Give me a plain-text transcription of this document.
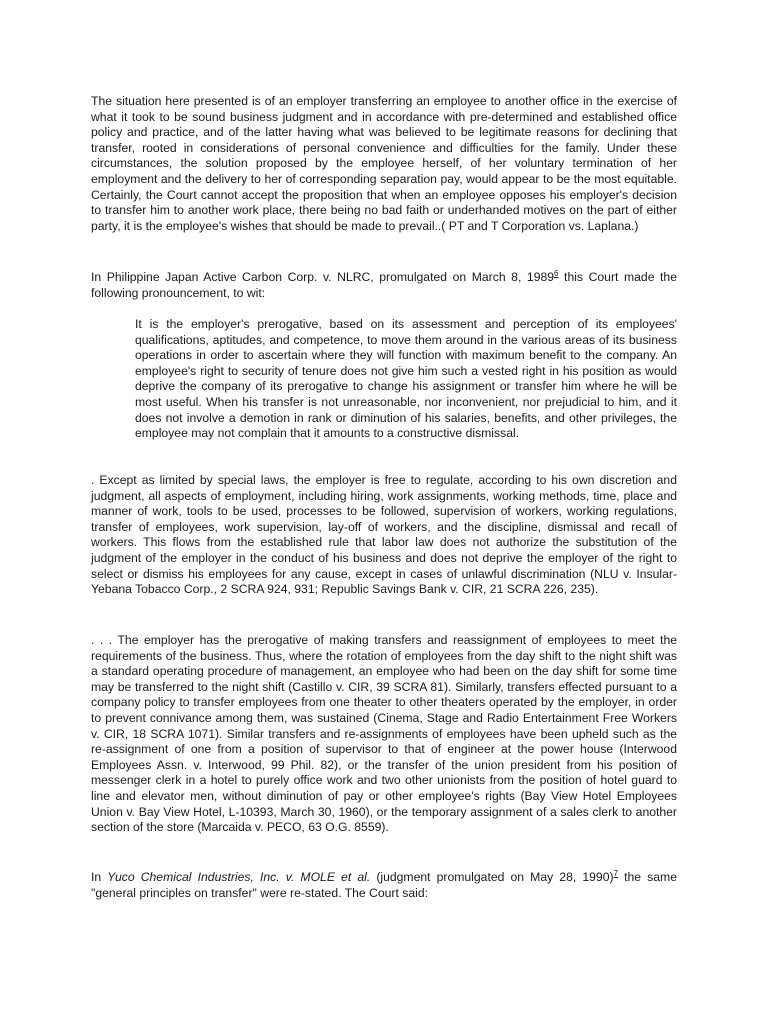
The situation here presented is of an employer transferring an employee to another office in the exercise of what it took to be sound business judgment and in accordance with pre-determined and established office policy and practice, and of the latter having what was believed to be legitimate reasons for declining that transfer, rooted in considerations of personal convenience and difficulties for the family. Under these circumstances, the solution proposed by the employee herself, of her voluntary termination of her employment and the delivery to her of corresponding separation pay, would appear to be the most equitable. Certainly, the Court cannot accept the proposition that when an employee opposes his employer's decision to transfer him to another work place, there being no bad faith or underhanded motives on the part of either party, it is the employee's wishes that should be made to prevail..( PT and T Corporation vs. Laplana.)

In Philippine Japan Active Carbon Corp. v. NLRC, promulgated on March 8, 1989$^6$ this Court made the following pronouncement, to wit:

It is the employer's prerogative, based on its assessment and perception of its employees' qualifications, aptitudes, and competence, to move them around in the various areas of its business operations in order to ascertain where they will function with maximum benefit to the company. An employee's right to security of tenure does not give him such a vested right in his position as would deprive the company of its prerogative to change his assignment or transfer him where he will be most useful. When his transfer is not unreasonable, nor inconvenient, nor prejudicial to him, and it does not involve a demotion in rank or diminution of his salaries, benefits, and other privileges, the employee may not complain that it amounts to a constructive dismissal.

. Except as limited by special laws, the employer is free to regulate, according to his own discretion and judgment, all aspects of employment, including hiring, work assignments, working methods, time, place and manner of work, tools to be used, processes to be followed, supervision of workers, working regulations, transfer of employees, work supervision, lay-off of workers, and the discipline, dismissal and recall of workers. This flows from the established rule that labor law does not authorize the substitution of the judgment of the employer in the conduct of his business and does not deprive the employer of the right to select or dismiss his employees for any cause, except in cases of unlawful discrimination (NLU v. Insular-Yebana Tobacco Corp., 2 SCRA 924, 931; Republic Savings Bank v. CIR, 21 SCRA 226, 235).

. . . The employer has the prerogative of making transfers and reassignment of employees to meet the requirements of the business. Thus, where the rotation of employees from the day shift to the night shift was a standard operating procedure of management, an employee who had been on the day shift for some time may be transferred to the night shift (Castillo v. CIR, 39 SCRA 81). Similarly, transfers effected pursuant to a company policy to transfer employees from one theater to other theaters operated by the employer, in order to prevent connivance among them, was sustained (Cinema, Stage and Radio Entertainment Free Workers v. CIR, 18 SCRA 1071). Similar transfers and re-assignments of employees have been upheld such as the re-assignment of one from a position of supervisor to that of engineer at the power house (Interwood Employees Assn. v. Interwood, 99 Phil. 82), or the transfer of the union president from his position of messenger clerk in a hotel to purely office work and two other unionists from the position of hotel guard to line and elevator men, without diminution of pay or other employee's rights (Bay View Hotel Employees Union v. Bay View Hotel, L-10393, March 30, 1960), or the temporary assignment of a sales clerk to another section of the store (Marcaida v. PECO, 63 O.G. 8559).

In Yuco Chemical Industries, Inc. v. MOLE et al. (judgment promulgated on May 28, 1990)$^7$ the same "general principles on transfer" were re-stated. The Court said:
